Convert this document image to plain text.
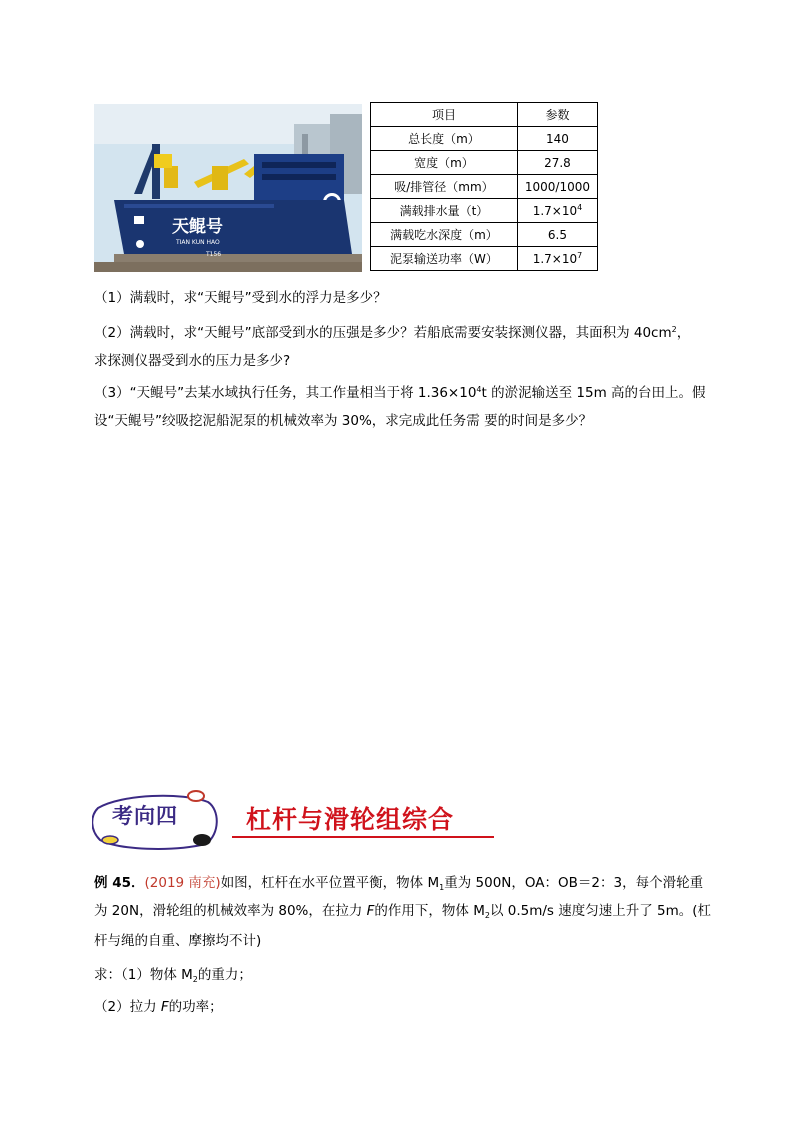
天鲲号
TIAN KUN HAO
T156
项目	参数
总长度（m）	140
宽度（m）	27.8
吸/排管径（mm）	1000/1000
满载排水量（t）	$1.7\times 10^4$
满载吃水深度（m）	6.5
泥泵输送功率（W）	$1.7\times 10^7$
（1）满载时，求“天鲲号”受到水的浮力是多少？
（2）满载时，求“天鲲号”底部受到水的压强是多少？若船底需要安装探测仪器，其面积为 $40cm^2$，
求探测仪器受到水的压力是多少?
（3）“天鲲号”去某水域执行任务，其工作量相当于将 $1.36\times 10^4t$ 的淤泥输送至 15m 高的台田上。假
设“天鲲号”绞吸挖泥船泥泵的机械效率为 30%，求完成此任务需 要的时间是多少？
考向四	杠杆与滑轮组综合
例 45．(2019 南充)如图，杠杆在水平位置平衡，物体 $M_1$重为 500N，OA：OB＝2：3，每个滑轮重
为 20N，滑轮组的机械效率为 80%，在拉力 F的作用下，物体 $M_2$以 0.5m/s 速度匀速上升了 5m。(杠
杆与绳的自重、摩擦均不计)
求：（1）物体 $M_2$的重力；
（2）拉力 F的功率；
